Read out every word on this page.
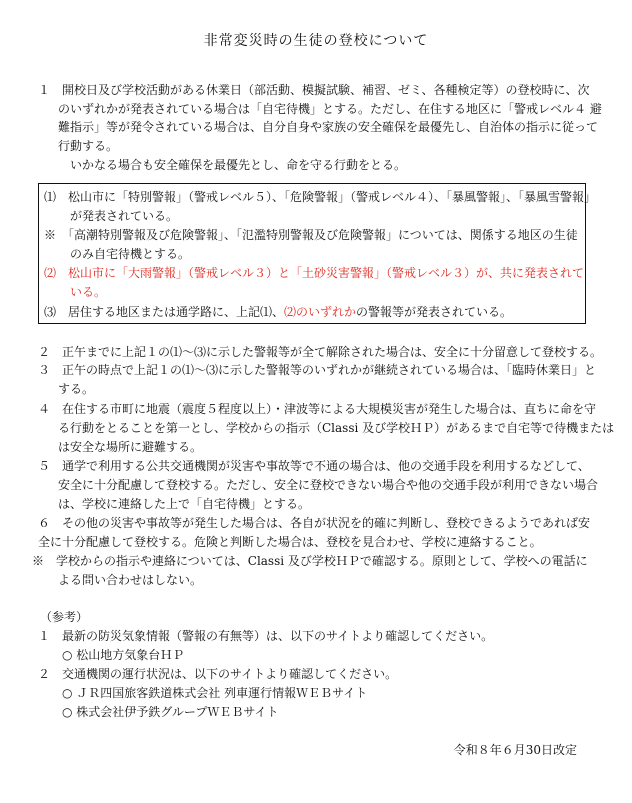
非常変災時の生徒の登校について
１　開校日及び学校活動がある休業日（部活動、模擬試験、補習、ゼミ、各種検定等）の登校時に、次
のいずれかが発表されている場合は「自宅待機」とする。ただし、在住する地区に「警戒レベル４ 避
難指示」等が発令されている場合は、自分自身や家族の安全確保を最優先し、自治体の指示に従って
行動する。
いかなる場合も安全確保を最優先とし、命を守る行動をとる。
⑴　松山市に「特別警報」（警戒レベル５）、「危険警報」（警戒レベル４）、「暴風警報」、「暴風雪警報」
が発表されている。
※　「高潮特別警報及び危険警報」、「氾濫特別警報及び危険警報」については、関係する地区の生徒
のみ自宅待機とする。
⑵　松山市に「大雨警報」（警戒レベル３）と「土砂災害警報」（警戒レベル３）が、共に発表されて
いる。
⑶　居住する地区または通学路に、上記⑴、⑵のいずれかの警報等が発表されている。
２　正午までに上記１の⑴〜⑶に示した警報等が全て解除された場合は、安全に十分留意して登校する。
３　正午の時点で上記１の⑴〜⑶に示した警報等のいずれかが継続されている場合は、「臨時休業日」と
する。
４　在住する市町に地震（震度５程度以上）・津波等による大規模災害が発生した場合は、直ちに命を守
る行動をとることを第一とし、学校からの指示（Classi 及び学校ＨＰ）があるまで自宅等で待機または
は安全な場所に避難する。
５　通学で利用する公共交通機関が災害や事故等で不通の場合は、他の交通手段を利用するなどして、
安全に十分配慮して登校する。ただし、安全に登校できない場合や他の交通手段が利用できない場合
は、学校に連絡した上で「自宅待機」とする。
６　その他の災害や事故等が発生した場合は、各自が状況を的確に判断し、登校できるようであれば安
全に十分配慮して登校する。危険と判断した場合は、登校を見合わせ、学校に連絡すること。
※　学校からの指示や連絡については、Classi 及び学校ＨＰで確認する。原則として、学校への電話に
よる問い合わせはしない。
（参考）
１　最新の防災気象情報（警報の有無等）は、以下のサイトより確認してください。
○ 松山地方気象台ＨＰ
２　交通機関の運行状況は、以下のサイトより確認してください。
○ ＪＲ四国旅客鉄道株式会社 列車運行情報ＷＥＢサイト
○ 株式会社伊予鉄グループＷＥＢサイト
令和８年６月30日改定
